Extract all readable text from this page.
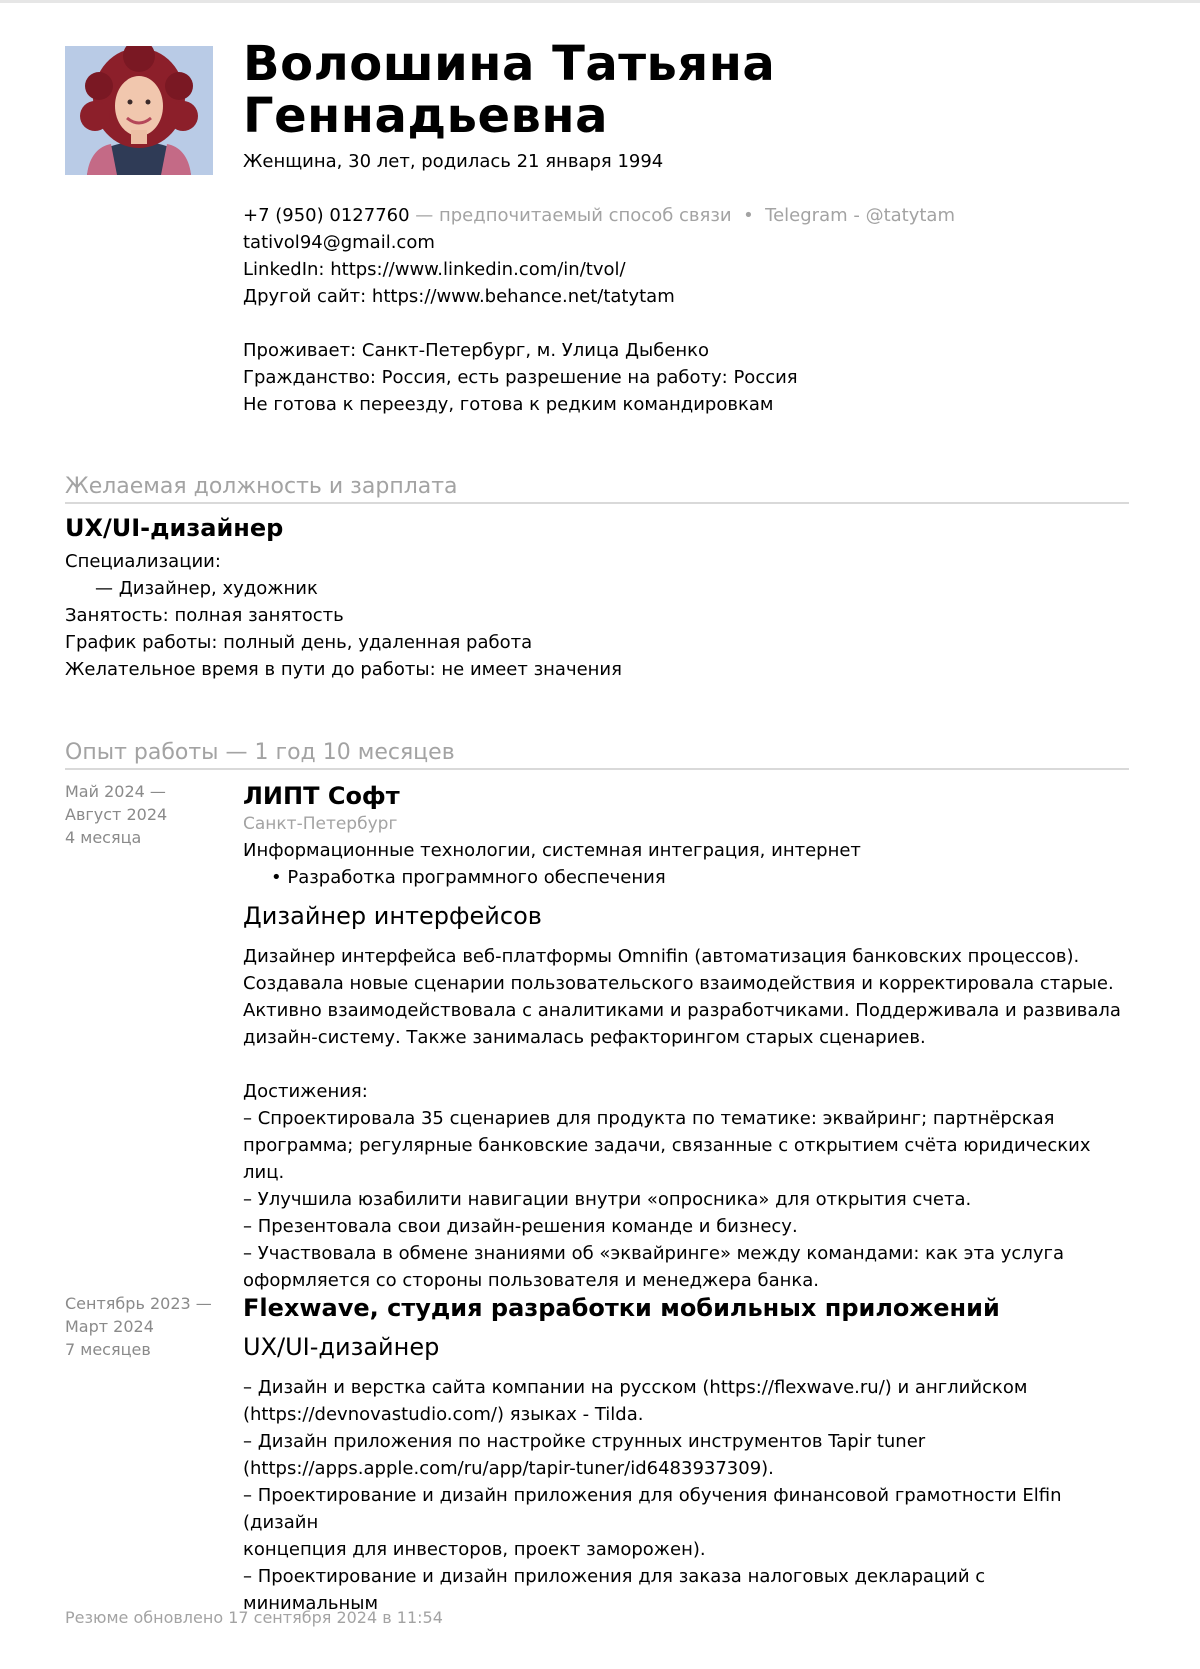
Волошина Татьяна Геннадьевна
Женщина, 30 лет, родилась 21 января 1994
+7 (950) 0127760 — предпочитаемый способ связи  •  Telegram - @tatytam
tativol94@gmail.com
LinkedIn: https://www.linkedin.com/in/tvol/
Другой сайт: https://www.behance.net/tatytam
Проживает: Санкт-Петербург, м. Улица Дыбенко
Гражданство: Россия, есть разрешение на работу: Россия
Не готова к переезду, готова к редким командировкам
Желаемая должность и зарплата
UX/UI-дизайнер
Специализации:
— Дизайнер, художник
Занятость: полная занятость
График работы: полный день, удаленная работа
Желательное время в пути до работы: не имеет значения
Опыт работы — 1 год 10 месяцев
Май 2024 —
Август 2024
4 месяца
ЛИПТ Софт
Санкт-Петербург
Информационные технологии, системная интеграция, интернет
• Разработка программного обеспечения
Дизайнер интерфейсов
Дизайнер интерфейса веб-платформы Omnifin (автоматизация банковских процессов).
Создавала новые сценарии пользовательского взаимодействия и корректировала старые.
Активно взаимодействовала с аналитиками и разработчиками. Поддерживала и развивала
дизайн-систему. Также занималась рефакторингом старых сценариев.
Достижения:
– Спроектировала 35 сценариев для продукта по тематике: эквайринг; партнёрская
программа; регулярные банковские задачи, связанные с открытием счёта юридических лиц.
– Улучшила юзабилити навигации внутри «опросника» для открытия счета.
– Презентовала свои дизайн-решения команде и бизнесу.
– Участвовала в обмене знаниями об «эквайринге» между командами: как эта услуга
оформляется со стороны пользователя и менеджера банка.
Сентябрь 2023 —
Март 2024
7 месяцев
Flexwave, студия разработки мобильных приложений
UX/UI-дизайнер
– Дизайн и верстка сайта компании на русском (https://flexwave.ru/) и английском
(https://devnovastudio.com/) языках - Tilda.
– Дизайн приложения по настройке струнных инструментов Tapir tuner
(https://apps.apple.com/ru/app/tapir-tuner/id6483937309).
– Проектирование и дизайн приложения для обучения финансовой грамотности Elfin (дизайн
концепция для инвесторов, проект заморожен).
– Проектирование и дизайн приложения для заказа налоговых деклараций с минимальным
Резюме обновлено 17 сентября 2024 в 11:54
